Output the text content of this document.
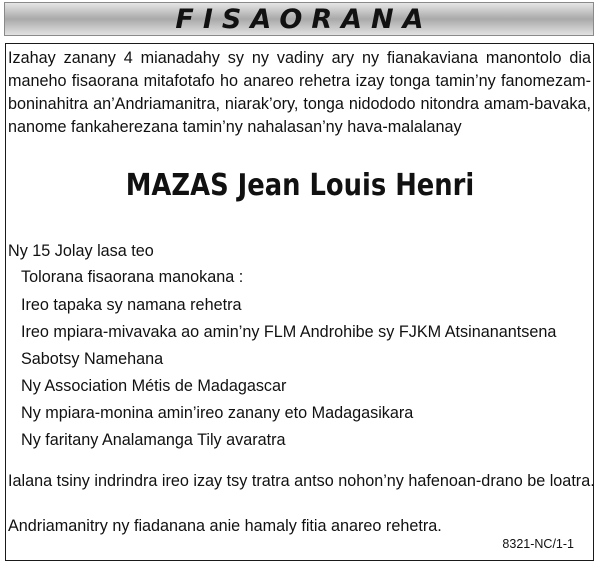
FISAORANA

Izahay zanany 4 mianadahy sy ny vadiny ary ny fianakaviana manontolo dia maneho fisaorana mitafotafo ho anareo rehetra izay tonga tamin’ny fanomezam-boninahitra an’Andriamanitra, niarak’ory, tonga nidododo nitondra amam-bavaka, nanome fankaherezana tamin’ny nahalasan’ny hava-malalanay

MAZAS Jean Louis Henri

Ny 15 Jolay lasa teo

Tolorana fisaorana manokana :

Ireo tapaka sy namana rehetra
Ireo mpiara-mivavaka ao amin’ny FLM Androhibe sy FJKM Atsinanantsena
Sabotsy Namehana
Ny Association Métis de Madagascar
Ny mpiara-monina amin’ireo zanany eto Madagasikara
Ny faritany Analamanga Tily avaratra

Ialana tsiny indrindra ireo izay tsy tratra antso nohon’ny hafenoan-drano be loatra.

Andriamanitry ny fiadanana anie hamaly fitia anareo rehetra.

8321-NC/1-1
